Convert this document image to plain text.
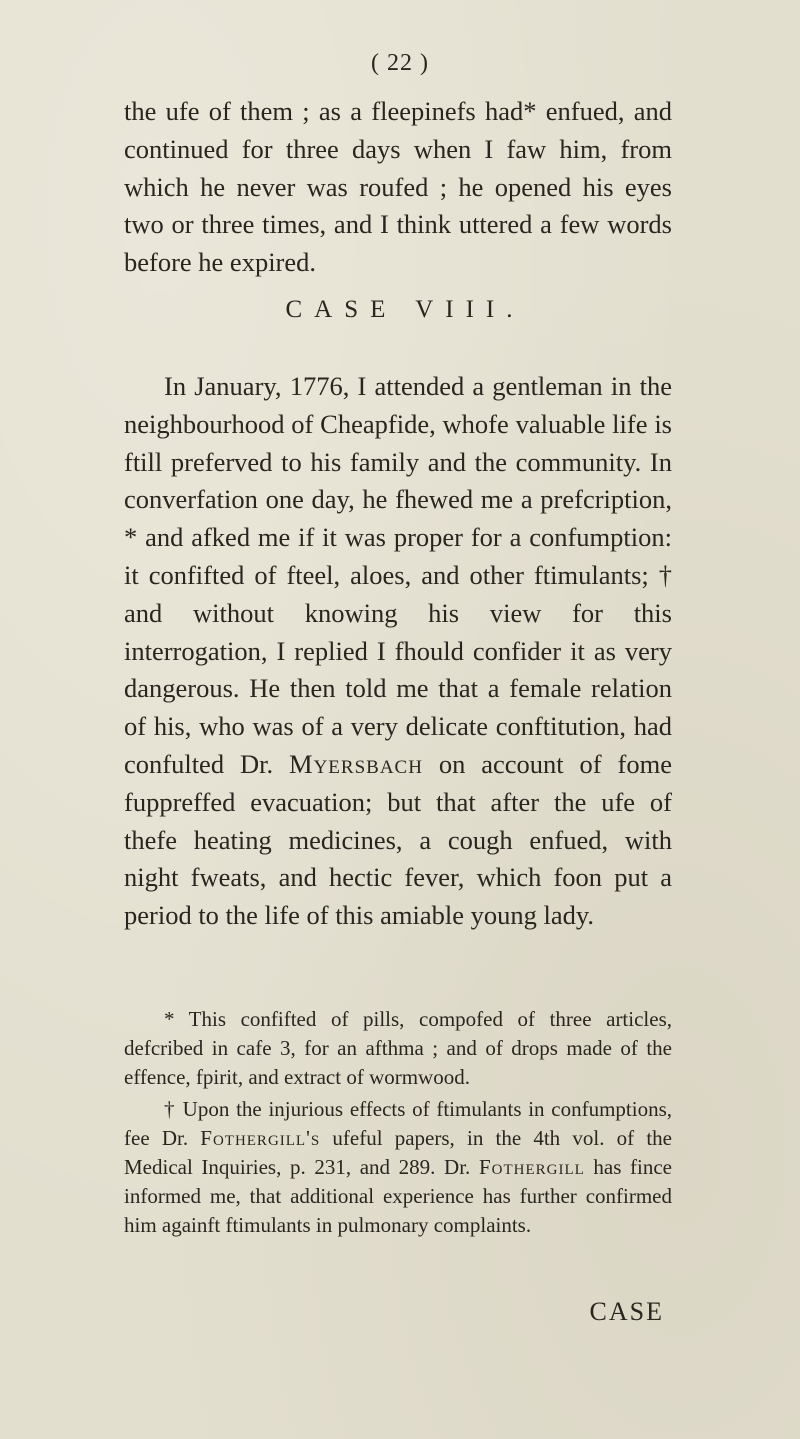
( 22 )

the ufe of them ; as a fleepinefs had* enfued, and continued for three days when I faw him, from which he never was roufed ; he opened his eyes two or three times, and I think uttered a few words before he expired.

CASE VIII.

In January, 1776, I attended a gentleman in the neighbourhood of Cheapfide, whofe valuable life is ftill preferved to his family and the community. In converfation one day, he fhewed me a prefcription, * and afked me if it was proper for a confumption: it confifted of fteel, aloes, and other ftimulants; † and without knowing his view for this interrogation, I replied I fhould confider it as very dangerous. He then told me that a female relation of his, who was of a very delicate conftitution, had confulted Dr. Myersbach on account of fome fuppreffed evacuation; but that after the ufe of thefe heating medicines, a cough enfued, with night fweats, and hectic fever, which foon put a period to the life of this amiable young lady.

* This confifted of pills, compofed of three articles, defcribed in cafe 3, for an afthma ; and of drops made of the effence, fpirit, and extract of wormwood.

† Upon the injurious effects of ftimulants in confumptions, fee Dr. Fothergill's ufeful papers, in the 4th vol. of the Medical Inquiries, p. 231, and 289. Dr. Fothergill has fince informed me, that additional experience has further confirmed him againft ftimulants in pulmonary complaints.

CASE
